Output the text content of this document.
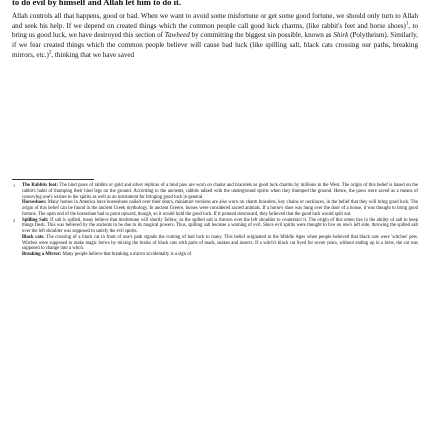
to do evil by himself and Allah let him to do it.

Allah controls all that happens, good or bad. When we want to avoid some misfortune or get some good fortune, we should only turn to Allah and seek his help. If we depend on created things which the common people call good luck charms, (like rabbit's feet and horse shoes)$^1$, to bring us good luck, we have destroyed this section of Tawheed by committing the biggest sin possible, known as Shirk (Polytheism). Similarly, if we fear created things which the common people believe will cause bad luck (like spilling salt, black cats crossing our paths, breaking mirrors, etc.)$^2$, thinking that we have saved

1 The Rabbits foot: The hind paws of rabbits or gold and silver replicas of a hind paw are worn on chains and bracelets as good luck charms by millions in the West. The origin of this belief is based on the rabbit's habit of thumping their hind legs on the ground. According to the ancients, rabbits talked with the underground spirits when they thumped the ground. Hence, the paws were saved as a means of conveying one's wishes to the spirits as well as an instrument for bringing good luck in general.

Horseshoes: Many homes in America have horseshoes nailed over their doors, miniature versions are also worn on charm bracelets, key chains or necklaces, in the belief that they will bring good luck. The origin of this belief can be found in the ancient Greek mythology. In ancient Greece, horses were considered sacred animals. If a horse's shoe was hung over the door of a house, it was thought to bring good fortune. The open end of the horseshoe had to point upward, though, so it would hold the good luck. If it pointed downward, they believed that the good luck would spill out.

2 Spilling Salt: If salt is spilled, many believe that misfortune will shortly follow, so the spilled salt is thrown over the left shoulder to counteract it. The origin of this omen lies in the ability of salt to keep things fresh. This was believed by the ancients to be due to its magical powers. Thus, spilling salt became a warning of evil. Since evil spirits were thought to live on one's left side, throwing the spilled salt over the left shoulder was supposed to satisfy the evil spirits.

Black cats: The crossing of a black cat in front of one's path signals the coming of bad luck to many. This belief originated in the Middle Ages when people believed that black cats were 'witches' pets. Witches were supposed to make magic brews by mixing the brains of black cats with parts of toads, snakes and insects. If a witch's black cat lived for seven years, without ending up in a brew, the cat was supposed to change into a witch.

Breaking a Mirror: Many people believe that breaking a mirror accidentally is a sign of
